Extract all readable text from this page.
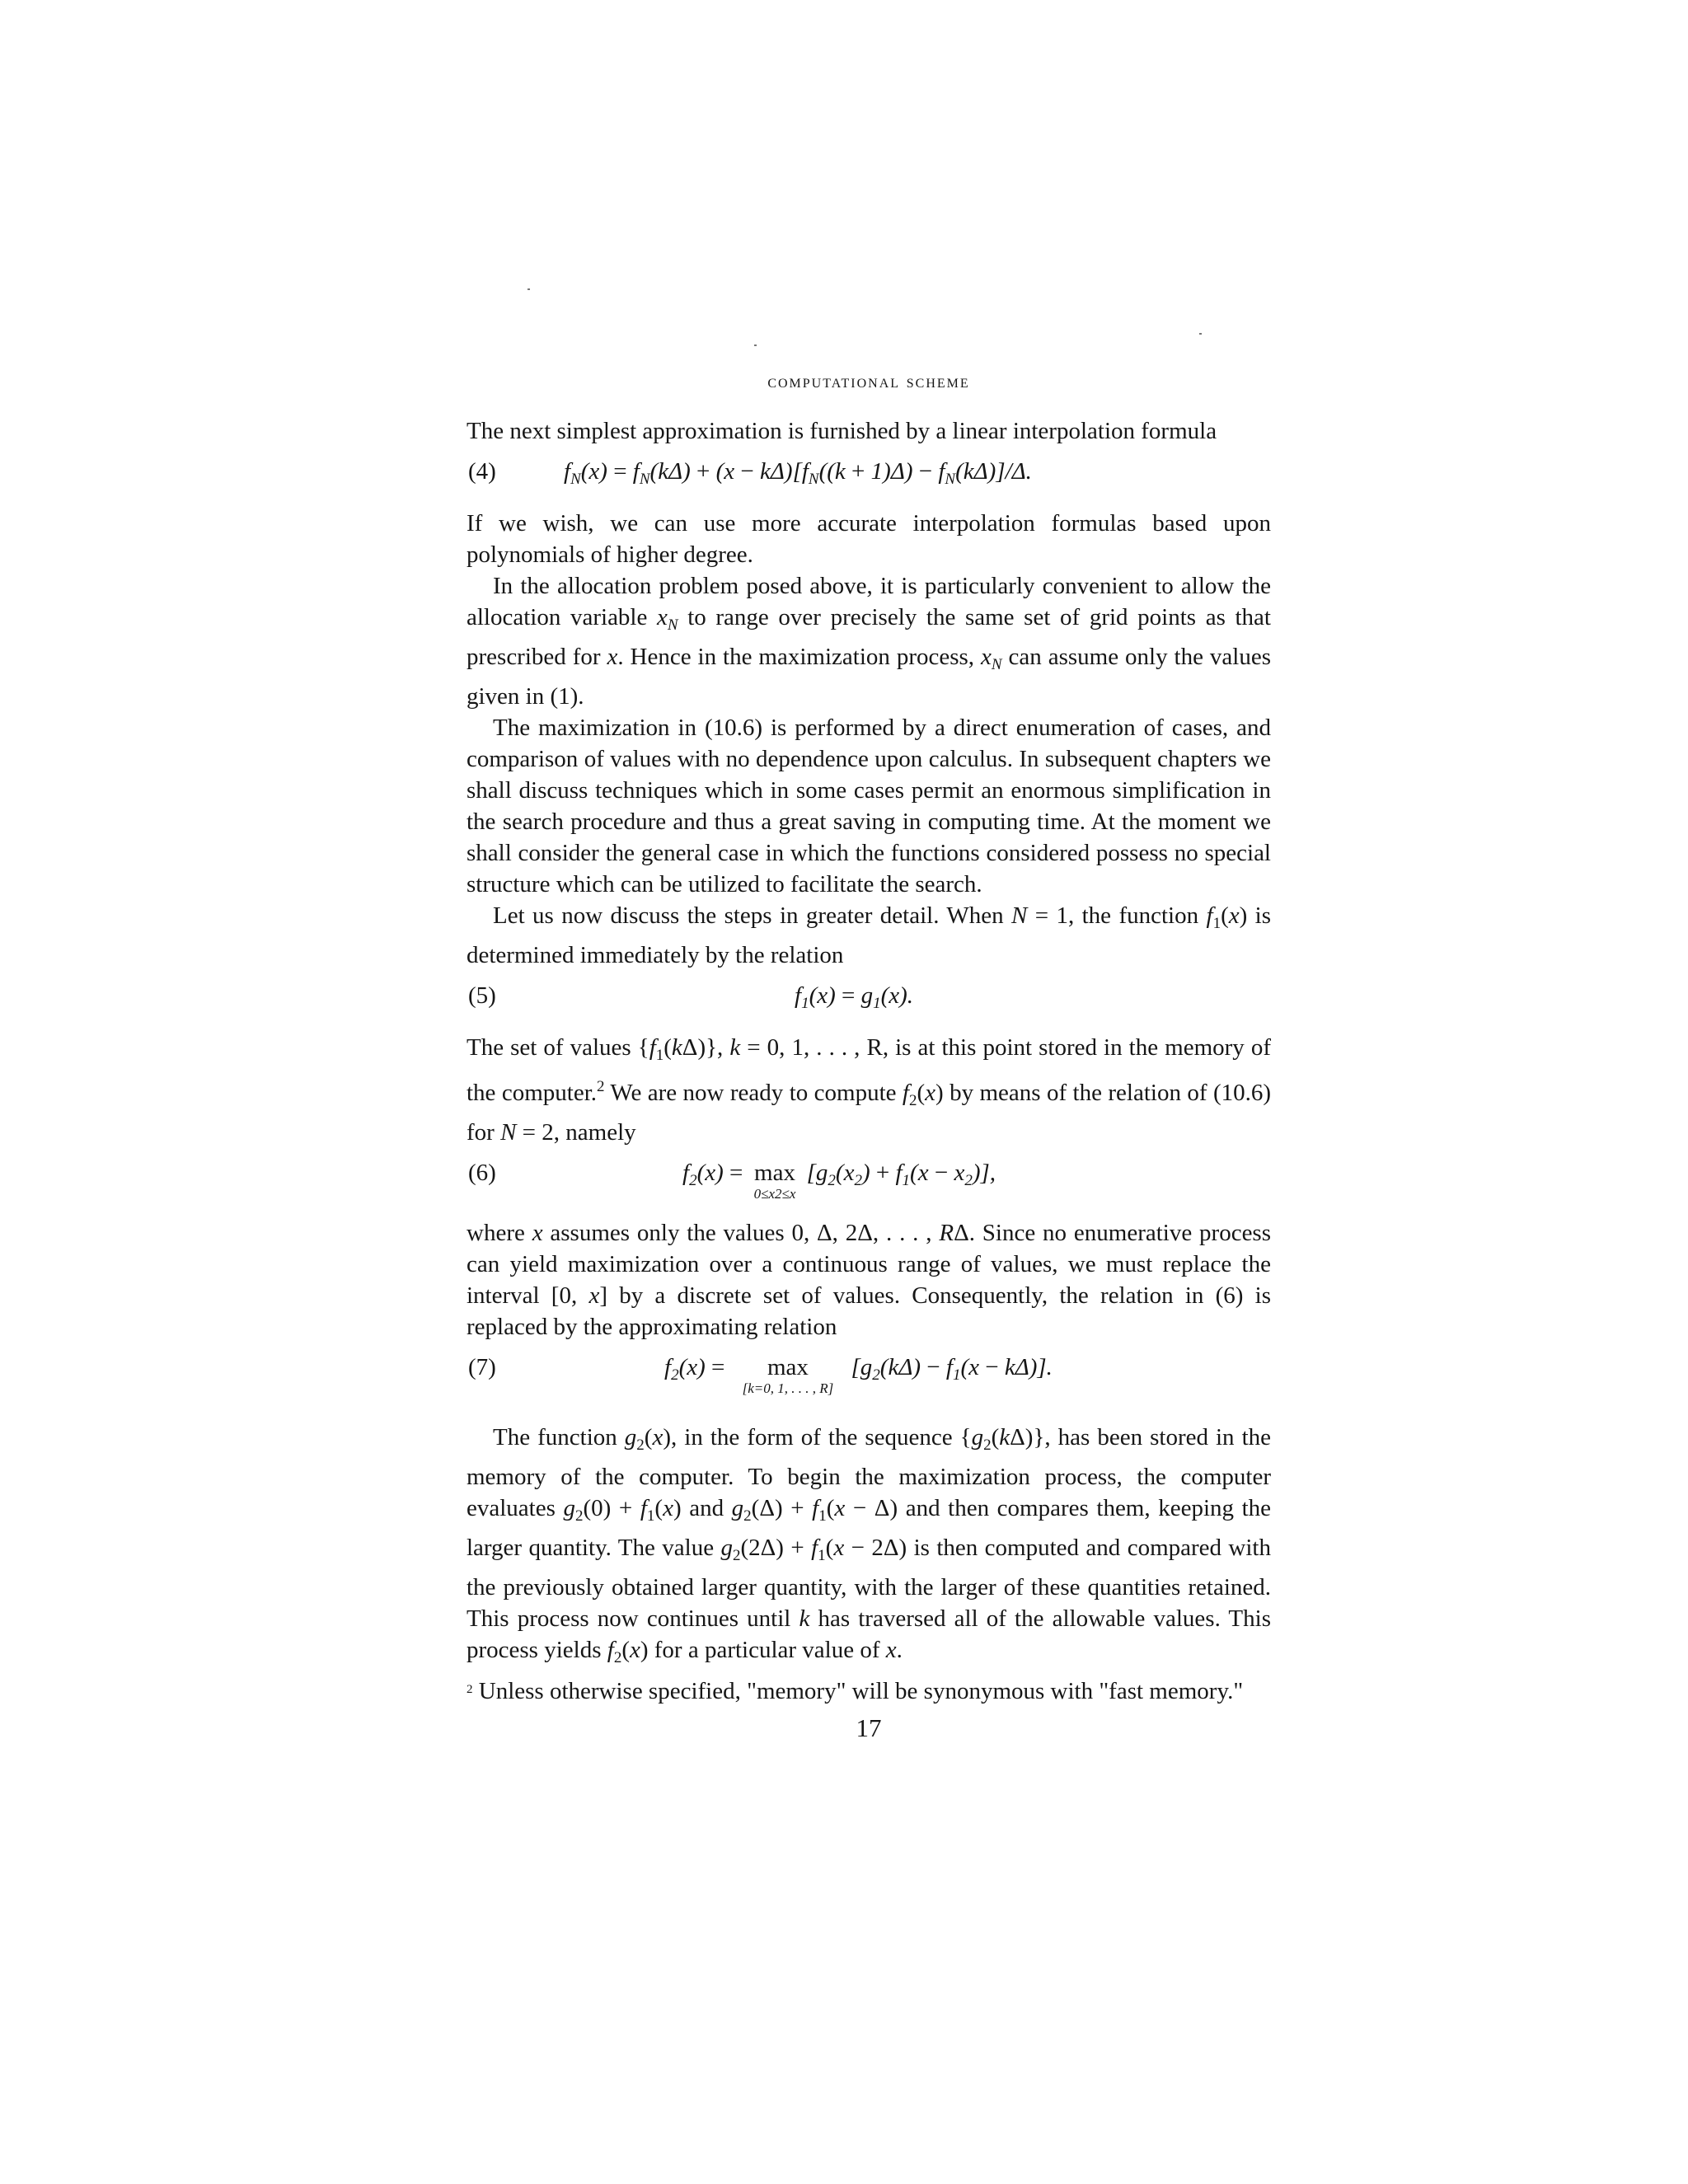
computational scheme

The next simplest approximation is furnished by a linear interpolation formula

(4)	$f_N(x) = f_N(k\Delta) + (x - k\Delta)[f_N((k + 1)\Delta) - f_N(k\Delta)]/\Delta$.

If we wish, we can use more accurate interpolation formulas based upon polynomials of higher degree.

In the allocation problem posed above, it is particularly convenient to allow the allocation variable $x_N$ to range over precisely the same set of grid points as that prescribed for x. Hence in the maximization process, $x_N$ can assume only the values given in (1).

The maximization in (10.6) is performed by a direct enumeration of cases, and comparison of values with no dependence upon calculus. In subsequent chapters we shall discuss techniques which in some cases permit an enormous simplification in the search procedure and thus a great saving in computing time. At the moment we shall consider the general case in which the functions considered possess no special structure which can be utilized to facilitate the search.

Let us now discuss the steps in greater detail. When N = 1, the function $f_1(x)$ is determined immediately by the relation

(5)	$f_1(x) = g_1(x)$.

The set of values $\{f_1(k\Delta)\}$, k = 0, 1, . . . , R, is at this point stored in the memory of the computer.$^2$ We are now ready to compute $f_2(x)$ by means of the relation of (10.6) for N = 2, namely

(6)	$f_2(x) = \max$
0≤x2≤x
$[g_2(x_2) + f_1(x - x_2)]$,

where x assumes only the values 0, Δ, 2Δ, . . . , RΔ. Since no enumerative process can yield maximization over a continuous range of values, we must replace the interval [0, x] by a discrete set of values. Consequently, the relation in (6) is replaced by the approximating relation

(7)	$f_2(x) = \max$
[k=0, 1, . . . , R]
$[g_2(k\Delta) - f_1(x - k\Delta)]$.

The function $g_2(x)$, in the form of the sequence $\{g_2(k\Delta)\}$, has been stored in the memory of the computer. To begin the maximization process, the computer evaluates $g_2(0) + f_1(x)$ and $g_2(\Delta) + f_1(x - \Delta)$ and then compares them, keeping the larger quantity. The value $g_2(2\Delta) + f_1(x - 2\Delta)$ is then computed and compared with the previously obtained larger quantity, with the larger of these quantities retained. This process now continues until k has traversed all of the allowable values. This process yields $f_2(x)$ for a particular value of x.

$^2$ Unless otherwise specified, "memory" will be synonymous with "fast memory."

17
